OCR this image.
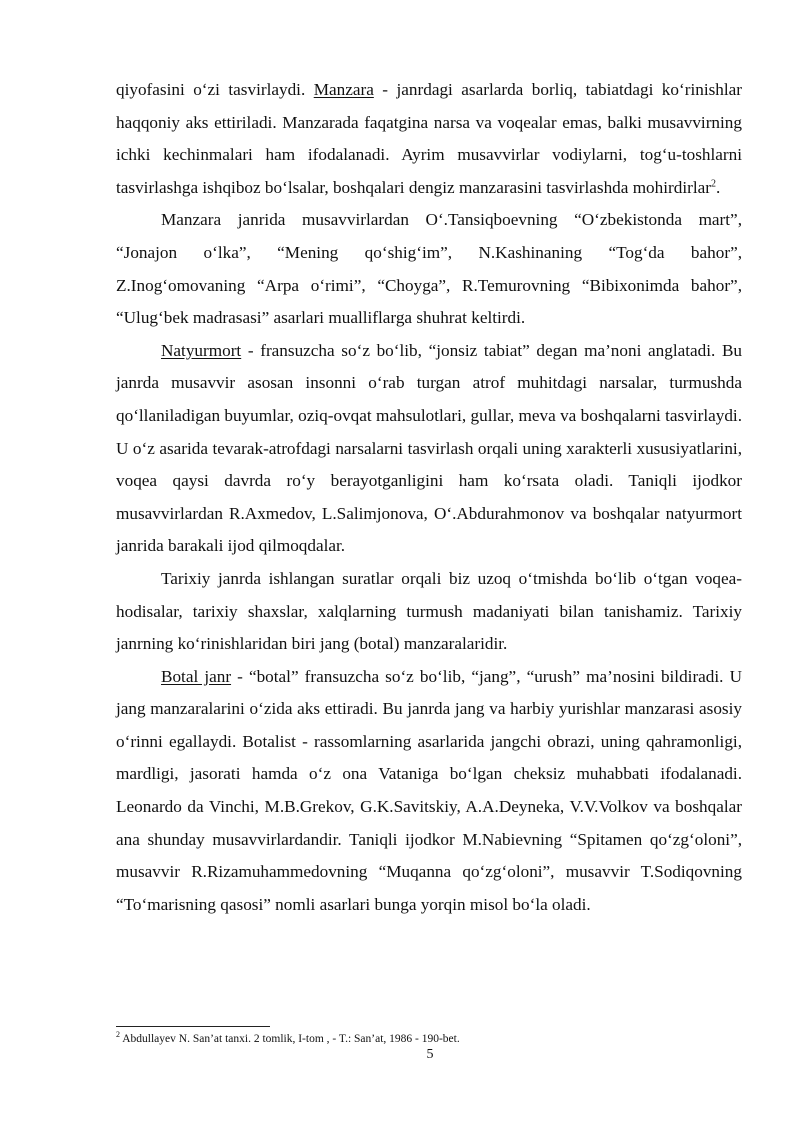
qiyofasini o‘zi tasvirlaydi. Manzara - janrdagi asarlarda borliq, tabiatdagi ko‘rinishlar haqqoniy aks ettiriladi. Manzarada faqatgina narsa va voqealar emas, balki musavvirning ichki kechinmalari ham ifodalanadi. Ayrim musavvirlar vodiylarni, tog‘u-toshlarni tasvirlashga ishqiboz bo‘lsalar, boshqalari dengiz manzarasini tasvirlashda mohirdirlar$^2$.

Manzara janrida musavvirlardan O‘.Tansiqboevning “O‘zbekistonda mart”, “Jonajon o‘lka”, “Mening qo‘shig‘im”, N.Kashinaning “Tog‘da bahor”, Z.Inog‘omovaning “Arpa o‘rimi”, “Choyga”, R.Temurovning “Bibixonimda bahor”, “Ulug‘bek madrasasi” asarlari mualliflarga shuhrat keltirdi.

Natyurmort - fransuzcha so‘z bo‘lib, “jonsiz tabiat” degan ma’noni anglatadi. Bu janrda musavvir asosan insonni o‘rab turgan atrof muhitdagi narsalar, turmushda qo‘llaniladigan buyumlar, oziq-ovqat mahsulotlari, gullar, meva va boshqalarni tasvirlaydi. U o‘z asarida tevarak-atrofdagi narsalarni tasvirlash orqali uning xarakterli xususiyatlarini, voqea qaysi davrda ro‘y berayotganligini ham ko‘rsata oladi. Taniqli ijodkor musavvirlardan R.Axmedov, L.Salimjonova, O‘.Abdurahmonov va boshqalar natyurmort janrida barakali ijod qilmoqdalar.

Tarixiy janrda ishlangan suratlar orqali biz uzoq o‘tmishda bo‘lib o‘tgan voqea-hodisalar, tarixiy shaxslar, xalqlarning turmush madaniyati bilan tanishamiz. Tarixiy janrning ko‘rinishlaridan biri jang (botal) manzaralaridir.

Botal janr - “botal” fransuzcha so‘z bo‘lib, “jang”, “urush” ma’nosini bildiradi. U jang manzaralarini o‘zida aks ettiradi. Bu janrda jang va harbiy yurishlar manzarasi asosiy o‘rinni egallaydi. Botalist - rassomlarning asarlarida jangchi obrazi, uning qahramonligi, mardligi, jasorati hamda o‘z ona Vataniga bo‘lgan cheksiz muhabbati ifodalanadi. Leonardo da Vinchi, M.B.Grekov, G.K.Savitskiy, A.A.Deyneka, V.V.Volkov va boshqalar ana shunday musavvirlardandir. Taniqli ijodkor M.Nabievning “Spitamen qo‘zg‘oloni”, musavvir R.Rizamuhammedovning “Muqanna qo‘zg‘oloni”, musavvir T.Sodiqovning “To‘marisning qasosi” nomli asarlari bunga yorqin misol bo‘la oladi.

$^2$ Abdullayev N. San’at tanxi. 2 tomlik, I-tom , - T.: San’at, 1986 - 190-bet.

5
